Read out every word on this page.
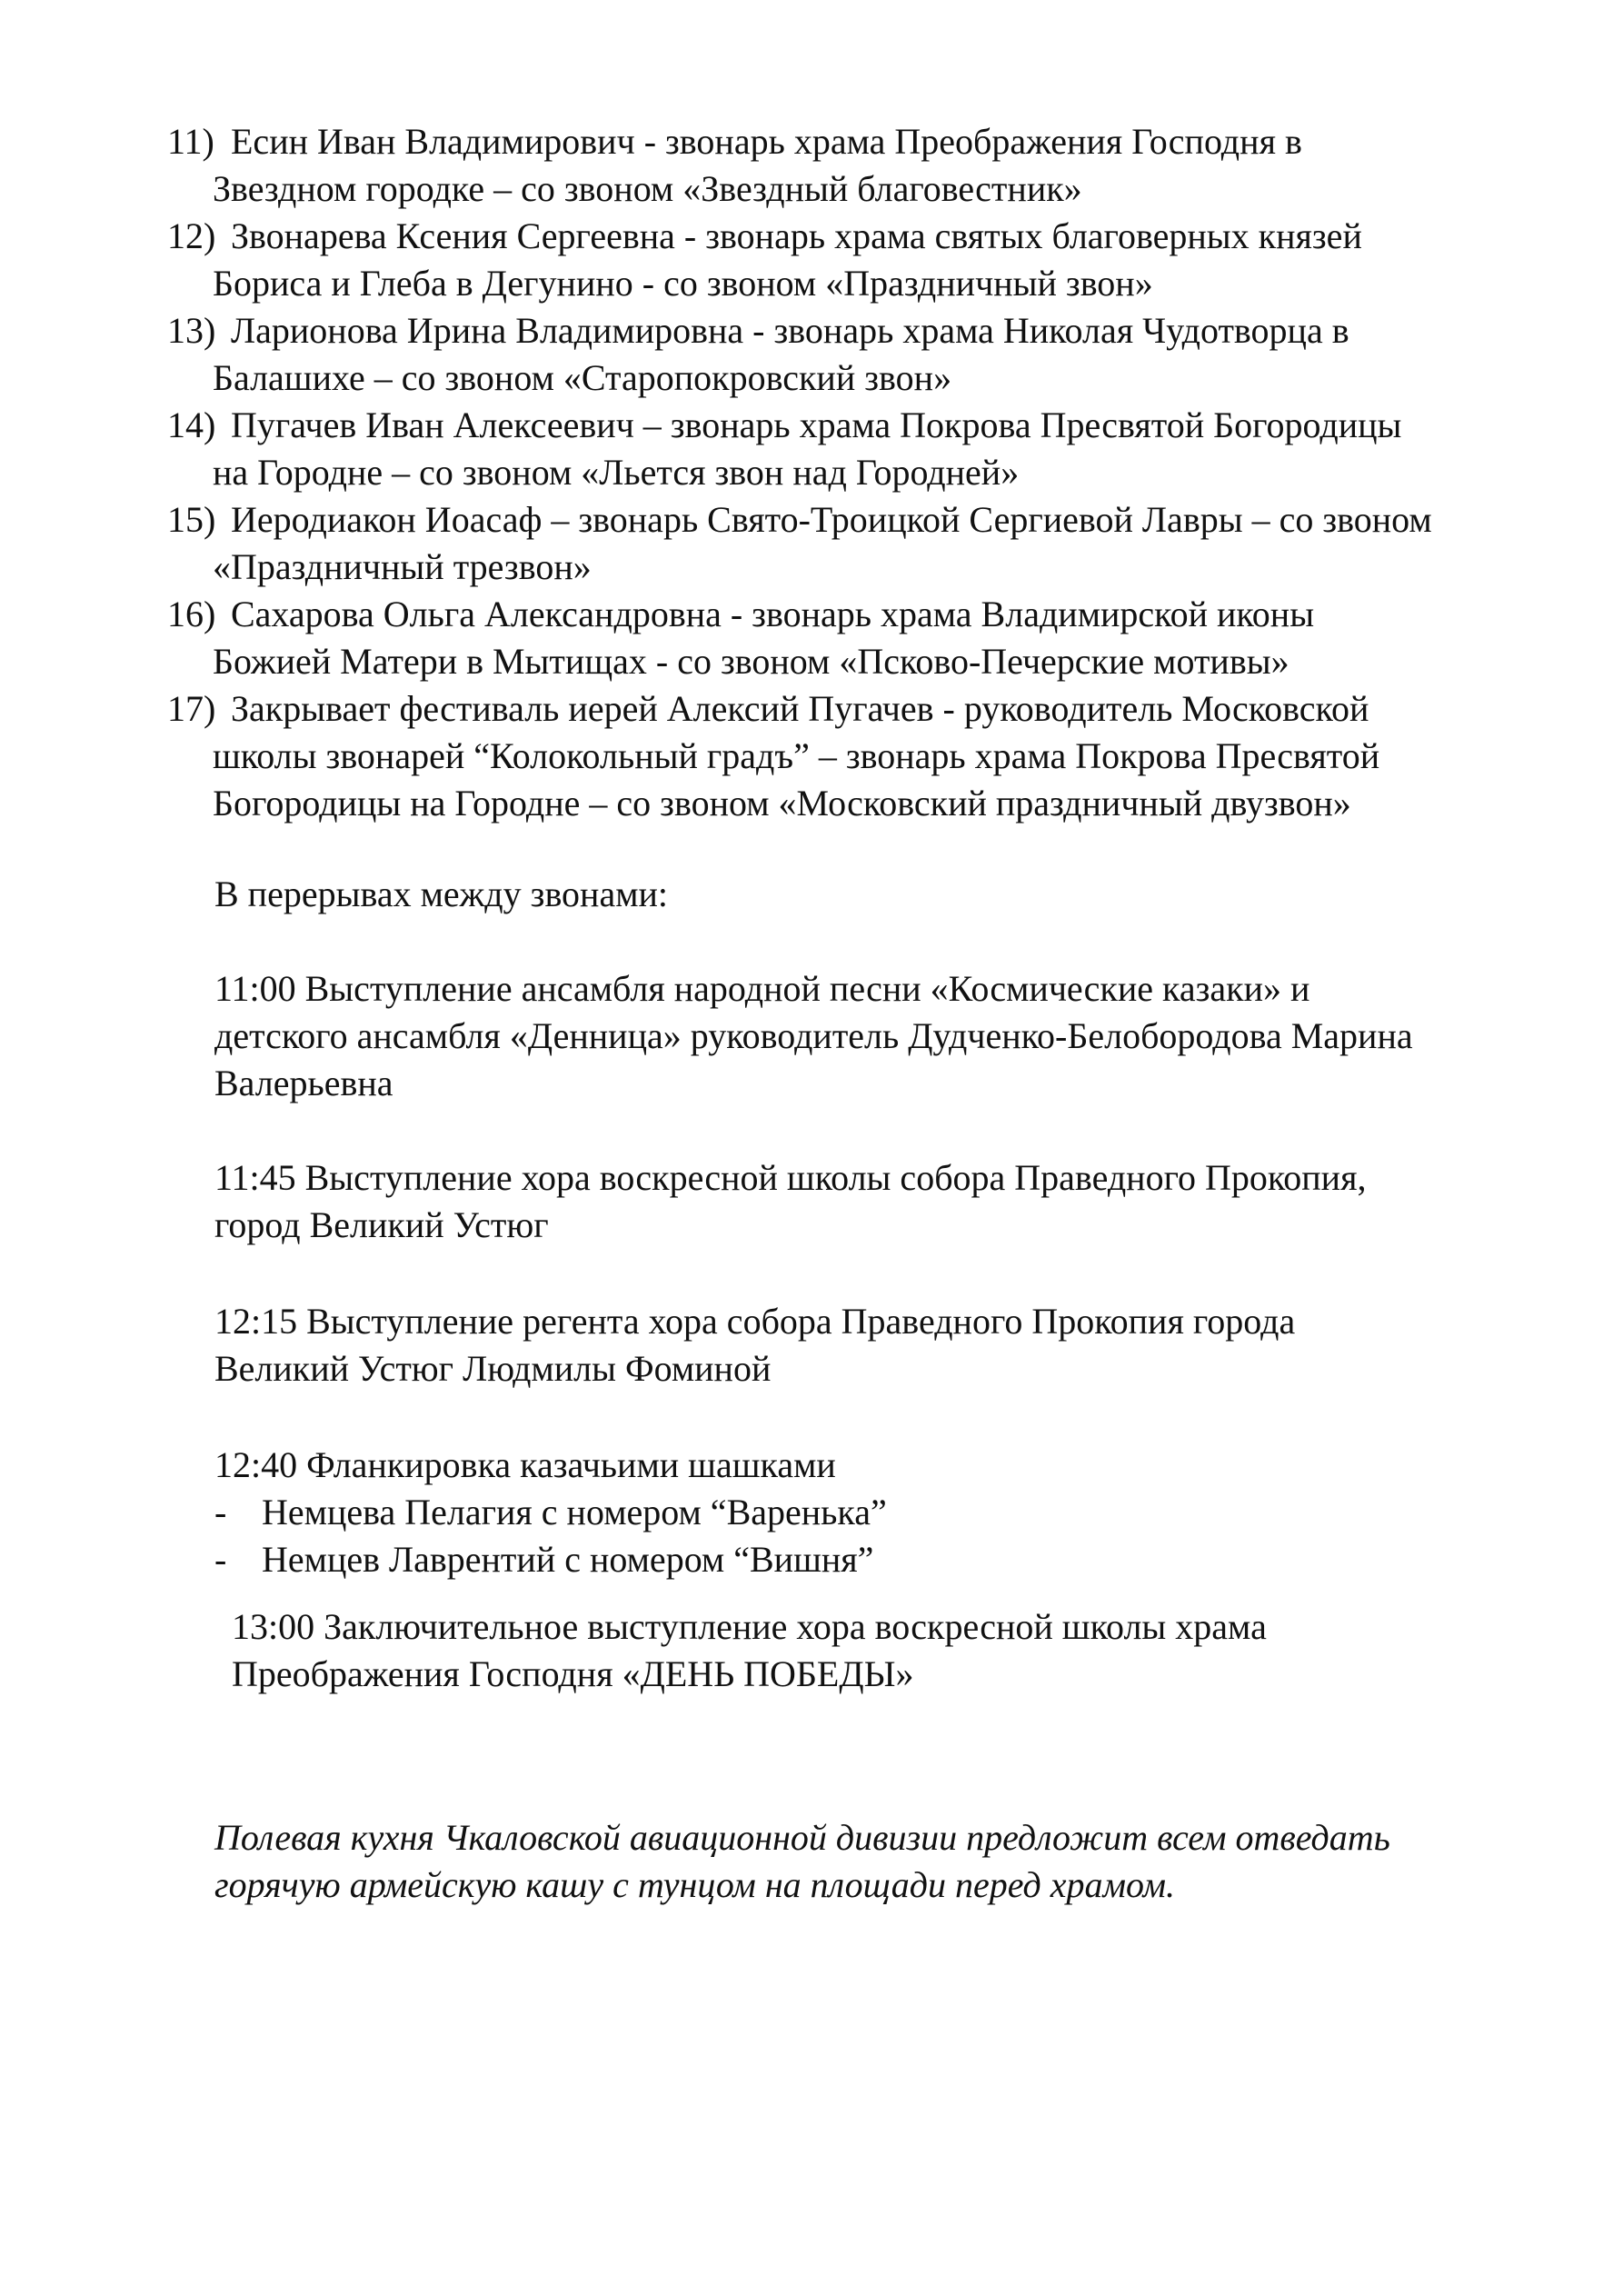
11) Есин Иван Владимирович - звонарь храма Преображения Господня в
Звездном городке – со звоном «Звездный благовестник»
12) Звонарева Ксения Сергеевна - звонарь храма святых благоверных князей
Бориса и Глеба в Дегунино - со звоном «Праздничный звон»
13) Ларионова Ирина Владимировна - звонарь храма Николая Чудотворца в
Балашихе – со звоном «Старопокровский звон»
14) Пугачев Иван Алексеевич – звонарь храма Покрова Пресвятой Богородицы
на Городне – со звоном «Льется звон над Городней»
15) Иеродиакон Иоасаф – звонарь Свято-Троицкой Сергиевой Лавры – со звоном
«Праздничный трезвон»
16) Сахарова Ольга Александровна - звонарь храма Владимирской иконы
Божией Матери в Мытищах - со звоном «Псково-Печерские мотивы»
17) Закрывает фестиваль иерей Алексий Пугачев - руководитель Московской
школы звонарей “Колокольный градъ” – звонарь храма Покрова Пресвятой
Богородицы на Городне – со звоном «Московский праздничный двузвон»
В перерывах между звонами:
11:00 Выступление ансамбля народной песни «Космические казаки» и
детского ансамбля «Денница» руководитель Дудченко-Белобородова Марина
Валерьевна
11:45 Выступление хора воскресной школы собора Праведного Прокопия,
город Великий Устюг
12:15 Выступление регента хора собора Праведного Прокопия города
Великий Устюг Людмилы Фоминой
12:40 Фланкировка казачьими шашками
- Немцева Пелагия с номером “Варенька”
- Немцев Лаврентий с номером “Вишня”
13:00 Заключительное выступление хора воскресной школы храма
Преображения Господня «ДЕНЬ ПОБЕДЫ»
Полевая кухня Чкаловской авиационной дивизии предложит всем отведать
горячую армейскую кашу с тунцом на площади перед храмом.
